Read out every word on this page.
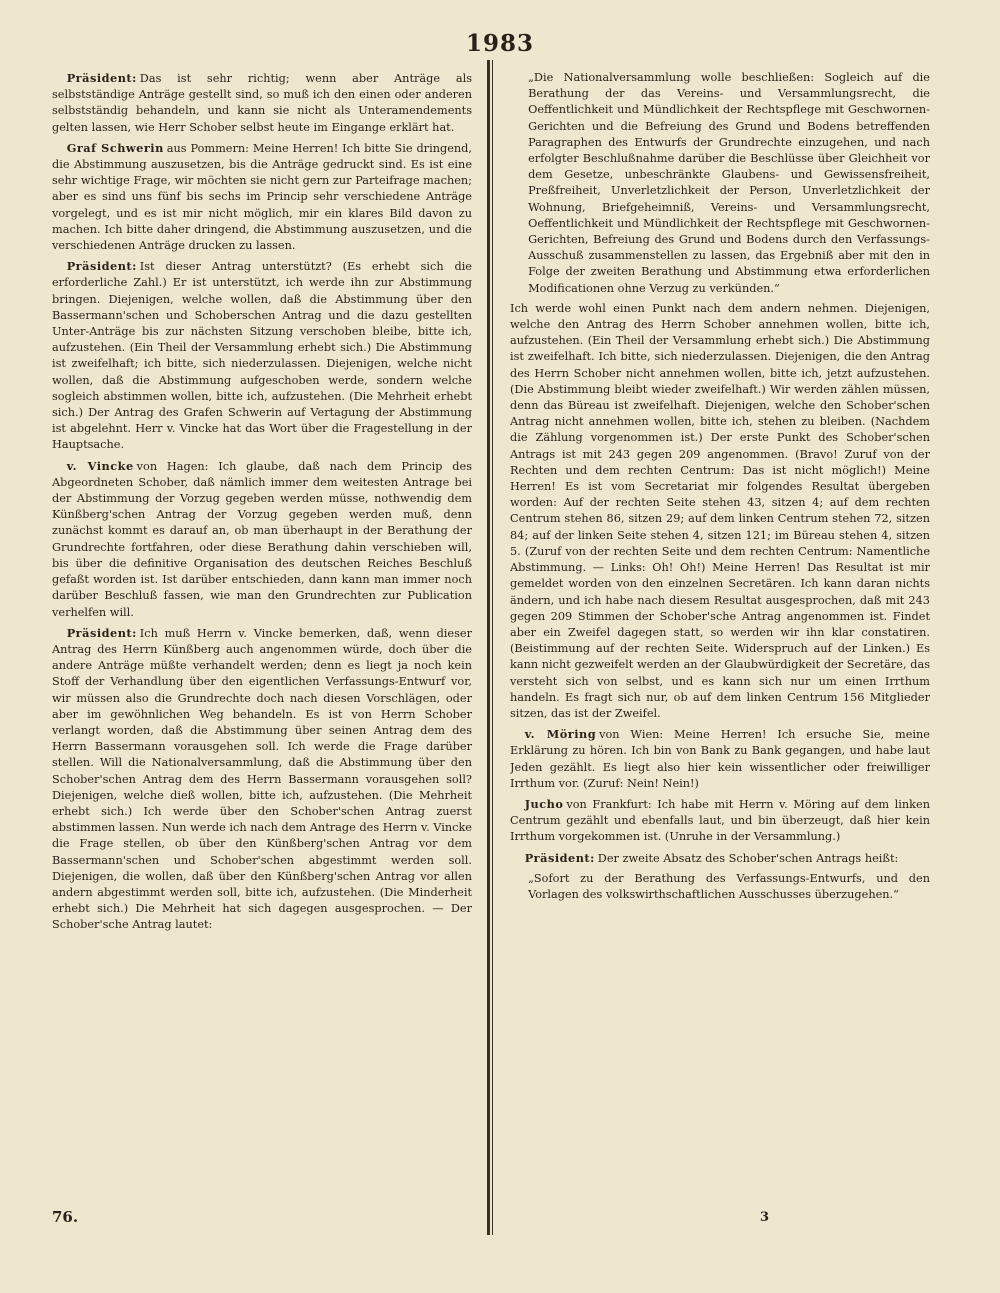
1983

Präsident: Das ist sehr richtig; wenn aber Anträge als selbstständige Anträge gestellt sind, so muß ich den einen oder anderen selbstständig behandeln, und kann sie nicht als Unteramendements gelten lassen, wie Herr Schober selbst heute im Eingange erklärt hat.

Graf Schwerin aus Pommern: Meine Herren! Ich bitte Sie dringend, die Abstimmung auszusetzen, bis die Anträge gedruckt sind. Es ist eine sehr wichtige Frage, wir möchten sie nicht gern zur Parteifrage machen; aber es sind uns fünf bis sechs im Princip sehr verschiedene Anträge vorgelegt, und es ist mir nicht möglich, mir ein klares Bild davon zu machen. Ich bitte daher dringend, die Abstimmung auszusetzen, und die verschiedenen Anträge drucken zu lassen.

Präsident: Ist dieser Antrag unterstützt? (Es erhebt sich die erforderliche Zahl.) Er ist unterstützt, ich werde ihn zur Abstimmung bringen. Diejenigen, welche wollen, daß die Abstimmung über den Bassermann'schen und Schoberschen Antrag und die dazu gestellten Unter-Anträge bis zur nächsten Sitzung verschoben bleibe, bitte ich, aufzustehen. (Ein Theil der Versammlung erhebt sich.) Die Abstimmung ist zweifelhaft; ich bitte, sich niederzulassen. Diejenigen, welche nicht wollen, daß die Abstimmung aufgeschoben werde, sondern welche sogleich abstimmen wollen, bitte ich, aufzustehen. (Die Mehrheit erhebt sich.) Der Antrag des Grafen Schwerin auf Vertagung der Abstimmung ist abgelehnt. Herr v. Vincke hat das Wort über die Fragestellung in der Hauptsache.

v. Vincke von Hagen: Ich glaube, daß nach dem Princip des Abgeordneten Schober, daß nämlich immer dem weitesten Antrage bei der Abstimmung der Vorzug gegeben werden müsse, nothwendig dem Künßberg'schen Antrag der Vorzug gegeben werden muß, denn zunächst kommt es darauf an, ob man überhaupt in der Berathung der Grundrechte fortfahren, oder diese Berathung dahin verschieben will, bis über die definitive Organisation des deutschen Reiches Beschluß gefaßt worden ist. Ist darüber entschieden, dann kann man immer noch darüber Beschluß fassen, wie man den Grundrechten zur Publication verhelfen will.

Präsident: Ich muß Herrn v. Vincke bemerken, daß, wenn dieser Antrag des Herrn Künßberg auch angenommen würde, doch über die andere Anträge müßte verhandelt werden; denn es liegt ja noch kein Stoff der Verhandlung über den eigentlichen Verfassungs-Entwurf vor, wir müssen also die Grundrechte doch nach diesen Vorschlägen, oder aber im gewöhnlichen Weg behandeln. Es ist von Herrn Schober verlangt worden, daß die Abstimmung über seinen Antrag dem des Herrn Bassermann vorausgehen soll. Ich werde die Frage darüber stellen. Will die Nationalversammlung, daß die Abstimmung über den Schober'schen Antrag dem des Herrn Bassermann vorausgehen soll? Diejenigen, welche dieß wollen, bitte ich, aufzustehen. (Die Mehrheit erhebt sich.) Ich werde über den Schober'schen Antrag zuerst abstimmen lassen. Nun werde ich nach dem Antrage des Herrn v. Vincke die Frage stellen, ob über den Künßberg'schen Antrag vor dem Bassermann'schen und Schober'schen abgestimmt werden soll. Diejenigen, die wollen, daß über den Künßberg'schen Antrag vor allen andern abgestimmt werden soll, bitte ich, aufzustehen. (Die Minderheit erhebt sich.) Die Mehrheit hat sich dagegen ausgesprochen. — Der Schober'sche Antrag lautet:

„Die Nationalversammlung wolle beschließen: Sogleich auf die Berathung der das Vereins- und Versammlungsrecht, die Oeffentlichkeit und Mündlichkeit der Rechtspflege mit Geschwornen-Gerichten und die Befreiung des Grund und Bodens betreffenden Paragraphen des Entwurfs der Grundrechte einzugehen, und nach erfolgter Beschlußnahme darüber die Beschlüsse über Gleichheit vor dem Gesetze, unbeschränkte Glaubens- und Gewissensfreiheit, Preßfreiheit, Unverletzlichkeit der Person, Unverletzlichkeit der Wohnung, Briefgeheimniß, Vereins- und Versammlungsrecht, Oeffentlichkeit und Mündlichkeit der Rechtspflege mit Geschwornen-Gerichten, Befreiung des Grund und Bodens durch den Verfassungs-Ausschuß zusammenstellen zu lassen, das Ergebniß aber mit den in Folge der zweiten Berathung und Abstimmung etwa erforderlichen Modificationen ohne Verzug zu verkünden.“

Ich werde wohl einen Punkt nach dem andern nehmen. Diejenigen, welche den Antrag des Herrn Schober annehmen wollen, bitte ich, aufzustehen. (Ein Theil der Versammlung erhebt sich.) Die Abstimmung ist zweifelhaft. Ich bitte, sich niederzulassen. Diejenigen, die den Antrag des Herrn Schober nicht annehmen wollen, bitte ich, jetzt aufzustehen. (Die Abstimmung bleibt wieder zweifelhaft.) Wir werden zählen müssen, denn das Büreau ist zweifelhaft. Diejenigen, welche den Schober'schen Antrag nicht annehmen wollen, bitte ich, stehen zu bleiben. (Nachdem die Zählung vorgenommen ist.) Der erste Punkt des Schober'schen Antrags ist mit 243 gegen 209 angenommen. (Bravo! Zuruf von der Rechten und dem rechten Centrum: Das ist nicht möglich!) Meine Herren! Es ist vom Secretariat mir folgendes Resultat übergeben worden: Auf der rechten Seite stehen 43, sitzen 4; auf dem rechten Centrum stehen 86, sitzen 29; auf dem linken Centrum stehen 72, sitzen 84; auf der linken Seite stehen 4, sitzen 121; im Büreau stehen 4, sitzen 5. (Zuruf von der rechten Seite und dem rechten Centrum: Namentliche Abstimmung. — Links: Oh! Oh!) Meine Herren! Das Resultat ist mir gemeldet worden von den einzelnen Secretären. Ich kann daran nichts ändern, und ich habe nach diesem Resultat ausgesprochen, daß mit 243 gegen 209 Stimmen der Schober'sche Antrag angenommen ist. Findet aber ein Zweifel dagegen statt, so werden wir ihn klar constatiren. (Beistimmung auf der rechten Seite. Widerspruch auf der Linken.) Es kann nicht gezweifelt werden an der Glaubwürdigkeit der Secretäre, das versteht sich von selbst, und es kann sich nur um einen Irrthum handeln. Es fragt sich nur, ob auf dem linken Centrum 156 Mitglieder sitzen, das ist der Zweifel.

v. Möring von Wien: Meine Herren! Ich ersuche Sie, meine Erklärung zu hören. Ich bin von Bank zu Bank gegangen, und habe laut Jeden gezählt. Es liegt also hier kein wissentlicher oder freiwilliger Irrthum vor. (Zuruf: Nein! Nein!)

Jucho von Frankfurt: Ich habe mit Herrn v. Möring auf dem linken Centrum gezählt und ebenfalls laut, und bin überzeugt, daß hier kein Irrthum vorgekommen ist. (Unruhe in der Versammlung.)

Präsident: Der zweite Absatz des Schober'schen Antrags heißt:

„Sofort zu der Berathung des Verfassungs-Entwurfs, und den Vorlagen des volkswirthschaftlichen Ausschusses überzugehen.“

76.	3
